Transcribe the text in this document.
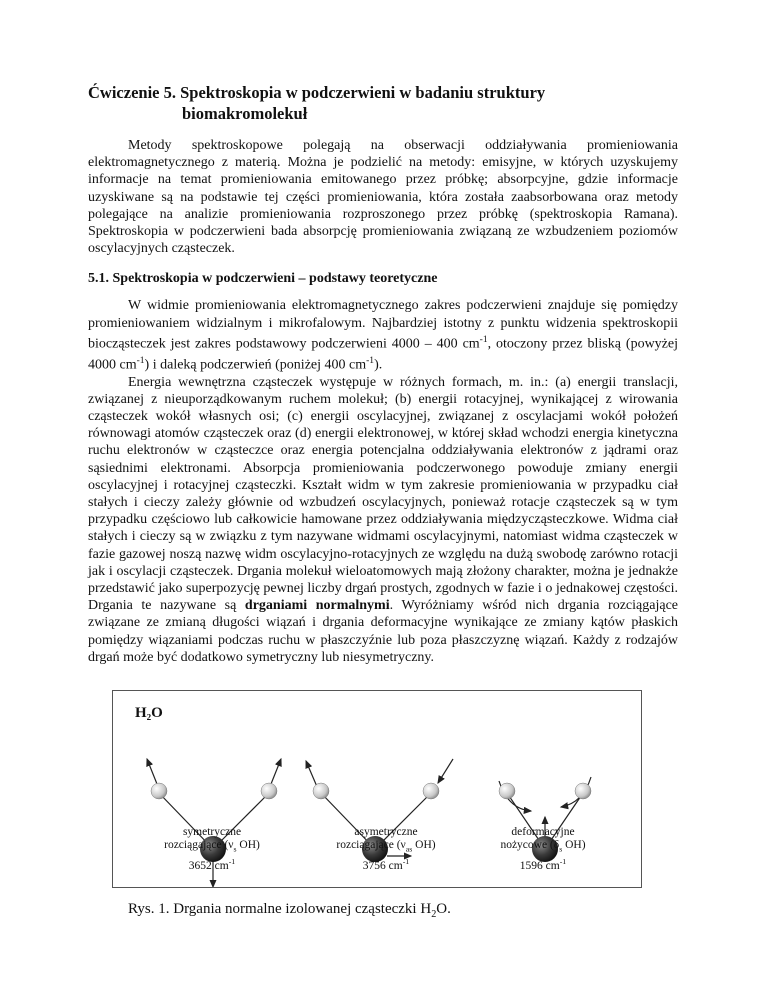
Ćwiczenie 5. Spektroskopia w podczerwieni w badaniu struktury
biomakromolekuł

Metody spektroskopowe polegają na obserwacji oddziaływania promieniowania elektromagnetycznego z materią. Można je podzielić na metody: emisyjne, w których uzyskujemy informacje na temat promieniowania emitowanego przez próbkę; absorpcyjne, gdzie informacje uzyskiwane są na podstawie tej części promieniowania, która została zaabsorbowana oraz metody polegające na analizie promieniowania rozproszonego przez próbkę (spektroskopia Ramana). Spektroskopia w podczerwieni bada absorpcję promieniowania związaną ze wzbudzeniem poziomów oscylacyjnych cząsteczek.

5.1. Spektroskopia w podczerwieni – podstawy teoretyczne

W widmie promieniowania elektromagnetycznego zakres podczerwieni znajduje się pomiędzy promieniowaniem widzialnym i mikrofalowym. Najbardziej istotny z punktu widzenia spektroskopii biocząsteczek jest zakres podstawowy podczerwieni 4000 – 400 $cm^{-1}$, otoczony przez bliską (powyżej 4000 $cm^{-1}$) i daleką podczerwień (poniżej 400 $cm^{-1}$).

Energia wewnętrzna cząsteczek występuje w różnych formach, m. in.: (a) energii translacji, związanej z nieuporządkowanym ruchem molekuł; (b) energii rotacyjnej, wynikającej z wirowania cząsteczek wokół własnych osi; (c) energii oscylacyjnej, związanej z oscylacjami wokół położeń równowagi atomów cząsteczek oraz (d) energii elektronowej, w której skład wchodzi energia kinetyczna ruchu elektronów w cząsteczce oraz energia potencjalna oddziaływania elektronów z jądrami oraz sąsiednimi elektronami. Absorpcja promieniowania podczerwonego powoduje zmiany energii oscylacyjnej i rotacyjnej cząsteczki. Kształt widm w tym zakresie promieniowania w przypadku ciał stałych i cieczy zależy głównie od wzbudzeń oscylacyjnych, ponieważ rotacje cząsteczek są w tym przypadku częściowo lub całkowicie hamowane przez oddziaływania międzycząsteczkowe. Widma ciał stałych i cieczy są w związku z tym nazywane widmami oscylacyjnymi, natomiast widma cząsteczek w fazie gazowej noszą nazwę widm oscylacyjno-rotacyjnych ze względu na dużą swobodę zarówno rotacji jak i oscylacji cząsteczek. Drgania molekuł wieloatomowych mają złożony charakter, można je jednakże przedstawić jako superpozycję pewnej liczby drgań prostych, zgodnych w fazie i o jednakowej częstości. Drgania te nazywane są drganiami normalnymi. Wyróżniamy wśród nich drgania rozciągające związane ze zmianą długości wiązań i drgania deformacyjne wynikające ze zmiany kątów płaskich pomiędzy wiązaniami podczas ruchu w płaszczyźnie lub poza płaszczyznę wiązań. Każdy z rodzajów drgań może być dodatkowo symetryczny lub niesymetryczny.

H₂O
symetryczne
rozciągające ($\nu_s$ OH)
3652 $cm^{-1}$
asymetryczne
rozciągające ($\nu_{as}$ OH)
3756 $cm^{-1}$
deformacyjne
nożycowe ($\delta_s$ OH)
1596 $cm^{-1}$
Rys. 1. Drgania normalne izolowanej cząsteczki $H_2O$.
